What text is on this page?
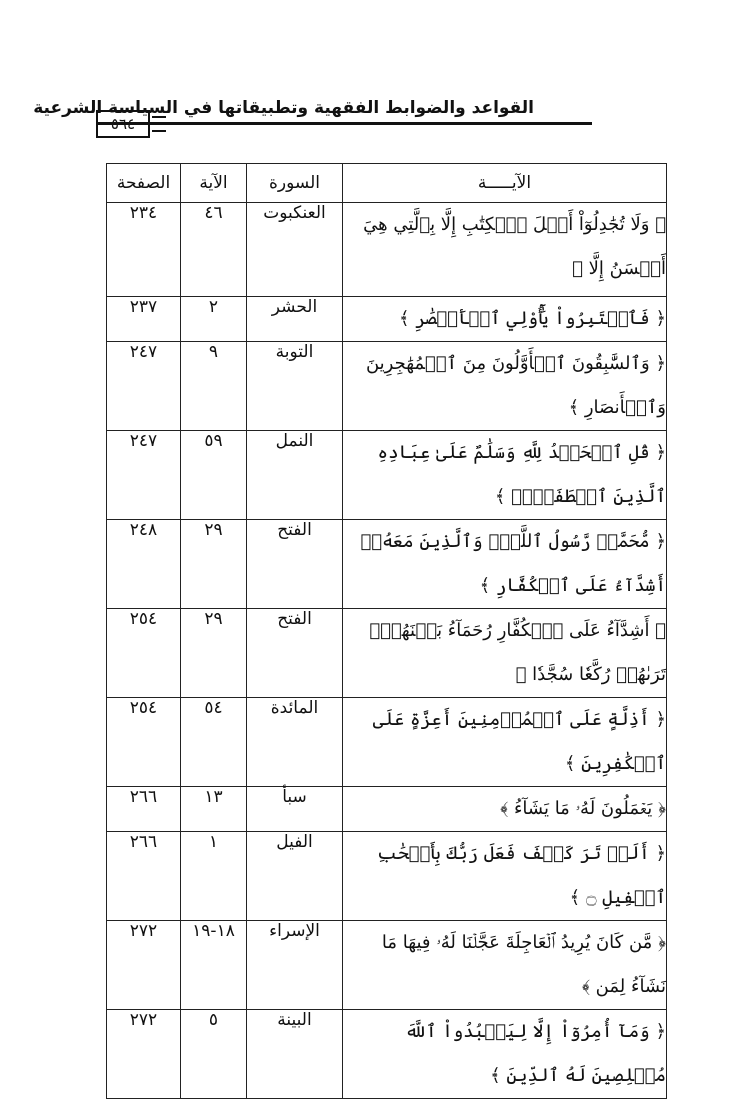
٥٦٤
القواعد والضوابط الفقهية وتطبيقاتها في السياسة الشرعية
الآيـــــة	السورة	الآية	الصفحة
﴿ وَلَا تُجَٰدِلُوٓاْ أَهۡلَ ٱلۡكِتَٰبِ إِلَّا بِٱلَّتِي هِيَ أَحۡسَنُ إِلَّا ﴾	العنكبوت	٤٦	٢٣٤
﴿ فَٱعۡتَبِرُواْ يَٰٓأُوْلِي ٱلۡأَبۡصَٰرِ ﴾	الحشر	٢	٢٣٧
﴿ وَٱلسَّٰبِقُونَ ٱلۡأَوَّلُونَ مِنَ ٱلۡمُهَٰجِرِينَ وَٱلۡأَنصَارِ ﴾	التوبة	٩	٢٤٧
﴿ قُلِ ٱلۡحَمۡدُ لِلَّهِ وَسَلَٰمٌ عَلَىٰ عِبَادِهِ ٱلَّذِينَ ٱصۡطَفَىٰٓۗ ﴾	النمل	٥٩	٢٤٧
﴿ مُّحَمَّدٞ رَّسُولُ ٱللَّهِۚ وَٱلَّذِينَ مَعَهُۥٓ أَشِدَّآءُ عَلَى ٱلۡكُفَّارِ ﴾	الفتح	٢٩	٢٤٨
﴿ أَشِدَّآءُ عَلَى ٱلۡكُفَّارِ رُحَمَآءُ بَيۡنَهُمۡۖ تَرَىٰهُمۡ رُكَّعٗا سُجَّدٗا ﴾	الفتح	٢٩	٢٥٤
﴿ أَذِلَّةٍ عَلَى ٱلۡمُؤۡمِنِينَ أَعِزَّةٍ عَلَى ٱلۡكَٰفِرِينَ ﴾	المائدة	٥٤	٢٥٤
﴿ يَعۡمَلُونَ لَهُۥ مَا يَشَآءُ ﴾	سبأ	١٣	٢٦٦
﴿ أَلَمۡ تَرَ كَيۡفَ فَعَلَ رَبُّكَ بِأَصۡحَٰبِ ٱلۡفِيلِ ۝ ﴾	الفيل	١	٢٦٦
﴿ مَّن كَانَ يُرِيدُ ٱلۡعَاجِلَةَ عَجَّلۡنَا لَهُۥ فِيهَا مَا نَشَآءُ لِمَن ﴾	الإسراء	١٨-١٩	٢٧٢
﴿ وَمَآ أُمِرُوٓاْ إِلَّا لِيَعۡبُدُواْ ٱللَّهَ مُخۡلِصِينَ لَهُ ٱلدِّينَ ﴾	البينة	٥	٢٧٢
